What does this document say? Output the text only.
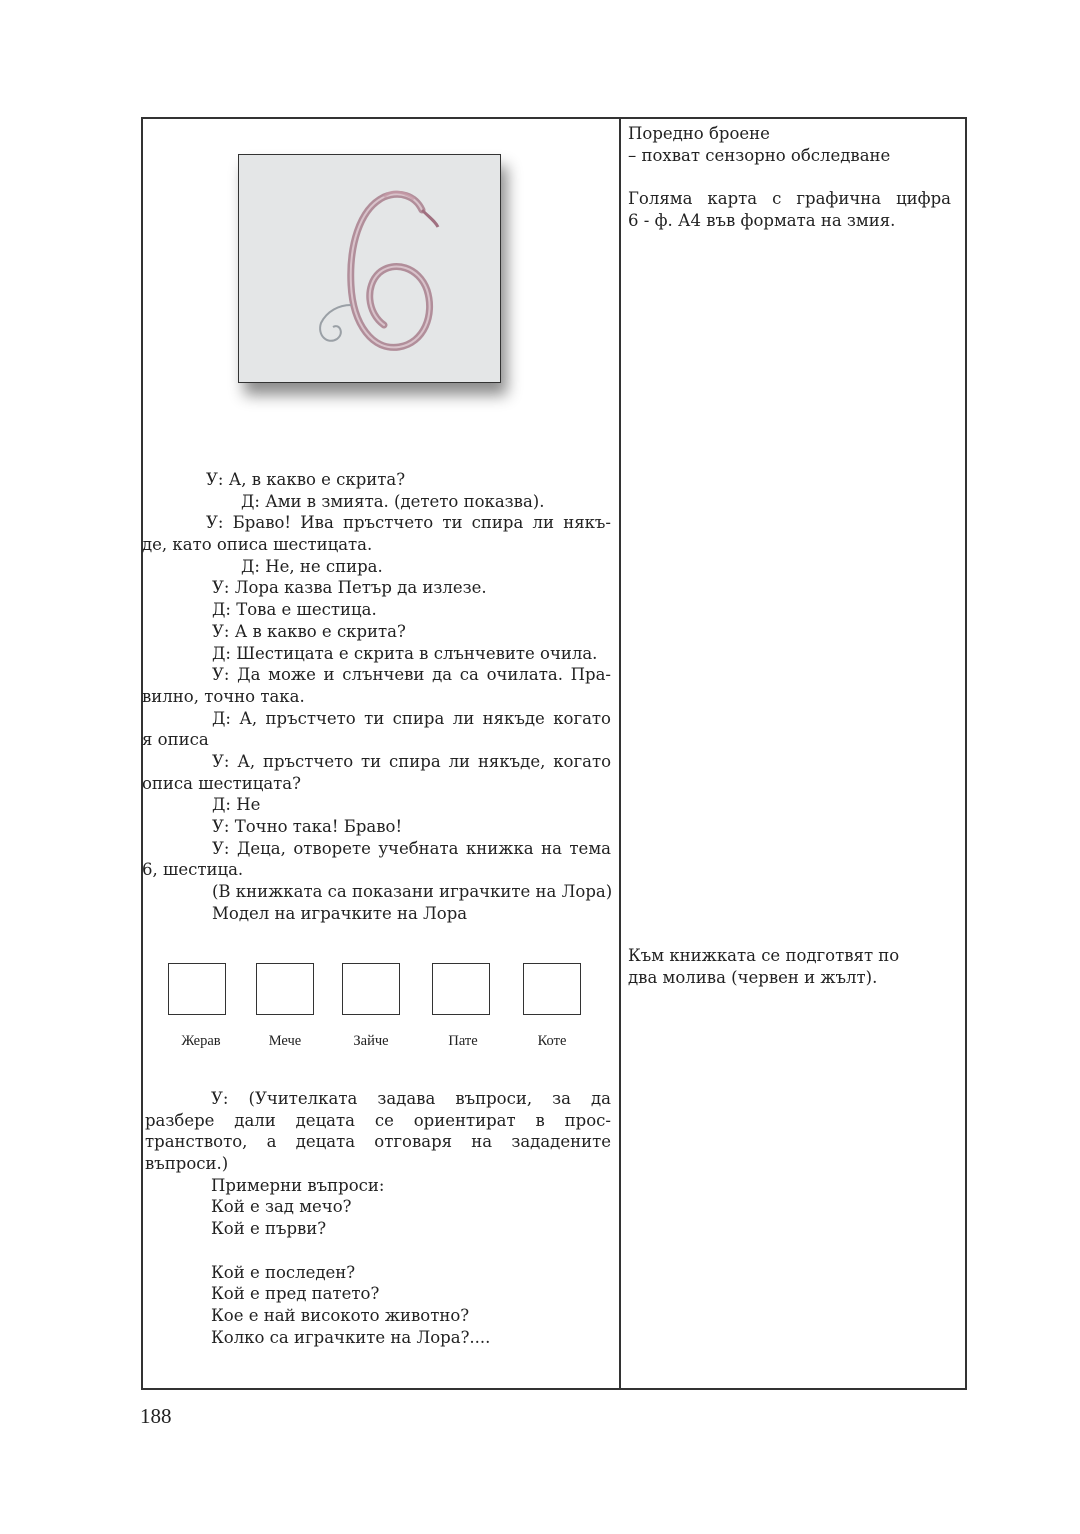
У: А, в какво е скрита?
Д: Ами в змията. (детето показва).
У: Браво! Ива пръстчето ти спира ли някъ-
де, като описа шестицата.
Д: Не, не спира.
У: Лора казва Петър да излезе.
Д: Това е шестица.
У: А в какво е скрита?
Д: Шестицата е скрита в слънчевите очила.
У: Да може и слънчеви да са очилата. Пра-
вилно, точно така.
Д: А, пръстчето ти спира ли някъде когато
я описа
У: А, пръстчето ти спира ли някъде, когато
описа шестицата?
Д: Не
У: Точно така! Браво!
У: Деца, отворете учебната книжка на тема
6, шестица.
(В книжката са показани играчките на Лора)
Модел на играчките на Лора
Жерав	Мече	Зайче	Пате	Коте
У: (Учителката задава въпроси, за да
разбере дали децата се ориентират в прос-
транството, а децата отговаря на зададените
въпроси.)
Примерни въпроси:
Кой е зад мечо?
Кой е първи?
Кой е последен?
Кой е пред патето?
Кое е най високото животно?
Колко са играчките на Лора?....
Поредно броене
– похват сензорно обследване
Голяма карта с графична цифра
6 - ф. А4 във формата на змия.
Към книжката се подготвят по
два молива (червен и жълт).
188
